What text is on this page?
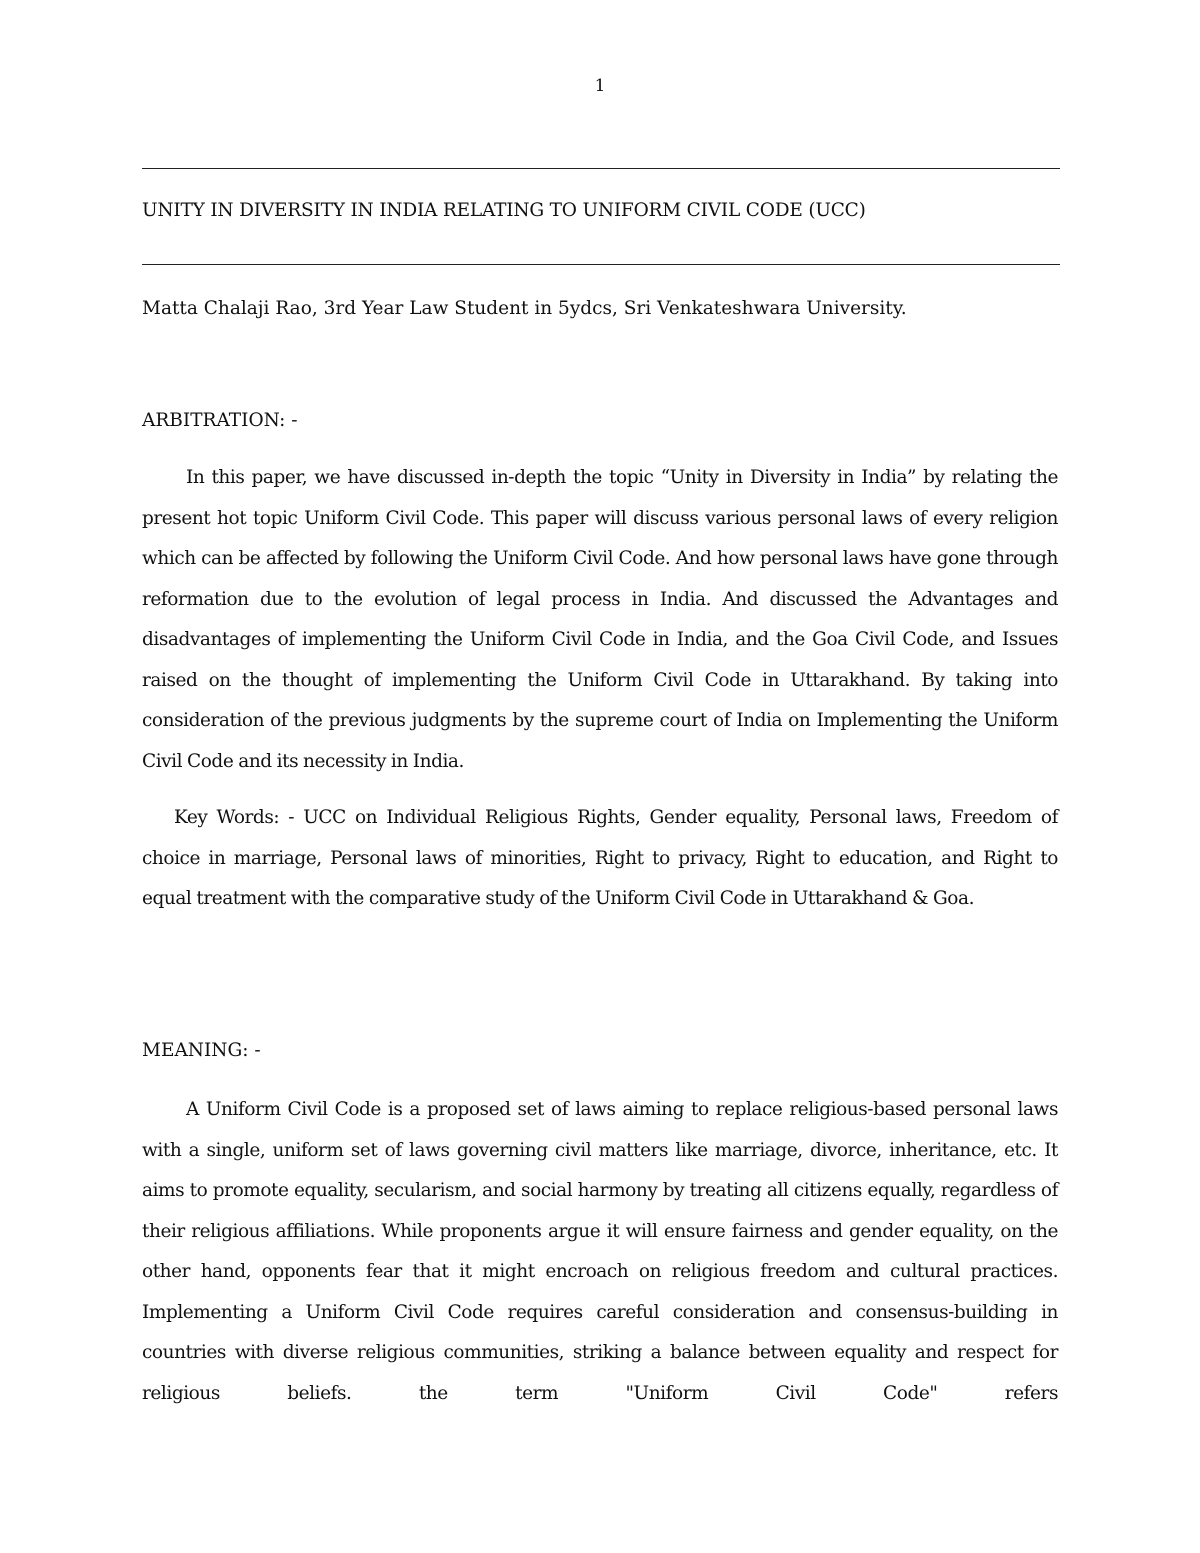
1
UNITY IN DIVERSITY IN INDIA RELATING TO UNIFORM CIVIL CODE (UCC)
Matta Chalaji Rao, 3rd Year Law Student in 5ydcs, Sri Venkateshwara University.
ARBITRATION: -

In this paper, we have discussed in-depth the topic “Unity in Diversity in India” by relating the present hot topic Uniform Civil Code. This paper will discuss various personal laws of every religion which can be affected by following the Uniform Civil Code. And how personal laws have gone through reformation due to the evolution of legal process in India. And discussed the Advantages and disadvantages of implementing the Uniform Civil Code in India, and the Goa Civil Code, and Issues raised on the thought of implementing the Uniform Civil Code in Uttarakhand. By taking into consideration of the previous judgments by the supreme court of India on Implementing the Uniform Civil Code and its necessity in India.

Key Words: - UCC on Individual Religious Rights, Gender equality, Personal laws, Freedom of choice in marriage, Personal laws of minorities, Right to privacy, Right to education, and Right to equal treatment with the comparative study of the Uniform Civil Code in Uttarakhand & Goa.

MEANING: -

A Uniform Civil Code is a proposed set of laws aiming to replace religious-based personal laws with a single, uniform set of laws governing civil matters like marriage, divorce, inheritance, etc. It aims to promote equality, secularism, and social harmony by treating all citizens equally, regardless of their religious affiliations. While proponents argue it will ensure fairness and gender equality, on the other hand, opponents fear that it might encroach on religious freedom and cultural practices. Implementing a Uniform Civil Code requires careful consideration and consensus-building in countries with diverse religious communities, striking a balance between equality and respect for religious beliefs. the term "Uniform Civil Code" refers
